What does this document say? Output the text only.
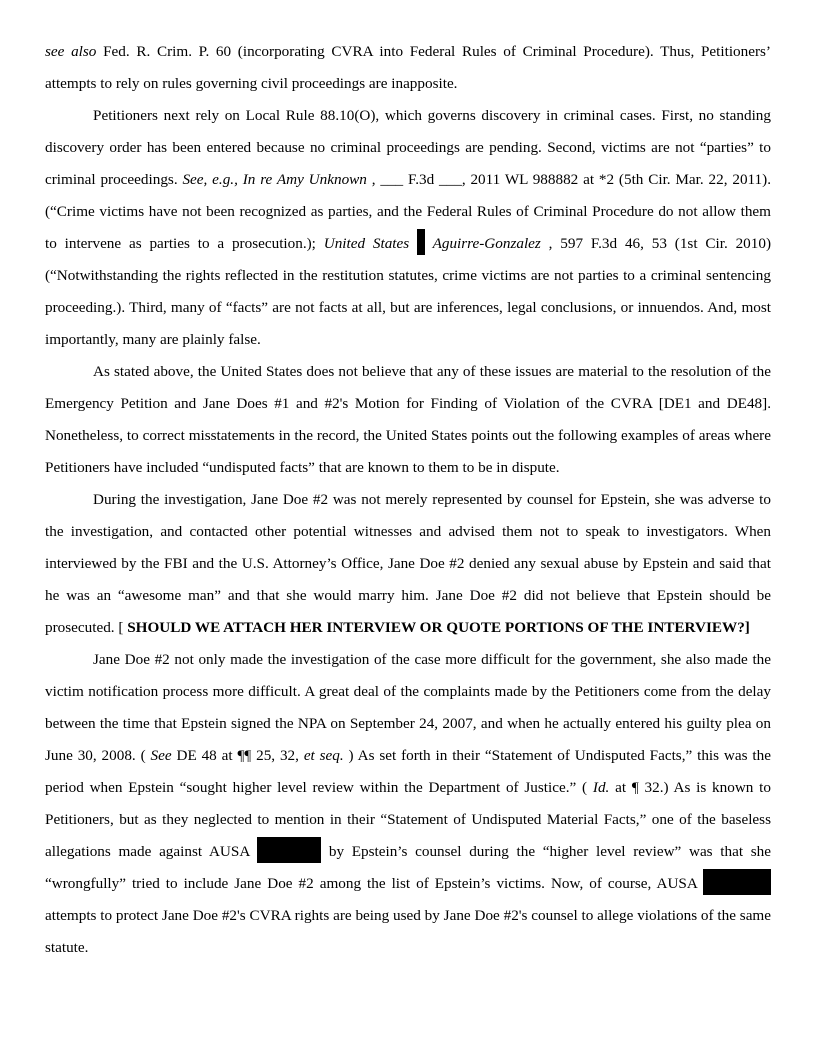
see also Fed. R. Crim. P. 60 (incorporating CVRA into Federal Rules of Criminal Procedure). Thus, Petitioners’ attempts to rely on rules governing civil proceedings are inapposite.

Petitioners next rely on Local Rule 88.10(O), which governs discovery in criminal cases. First, no standing discovery order has been entered because no criminal proceedings are pending. Second, victims are not “parties” to criminal proceedings. See, e.g., In re Amy Unknown , ___ F.3d ___, 2011 WL 988882 at *2 (5th Cir. Mar. 22, 2011). (“Crime victims have not been recognized as parties, and the Federal Rules of Criminal Procedure do not allow them to intervene as parties to a prosecution.); United States  Aguirre-Gonzalez , 597 F.3d 46, 53 (1st Cir. 2010) (“Notwithstanding the rights reflected in the restitution statutes, crime victims are not parties to a criminal sentencing proceeding.). Third, many of “facts” are not facts at all, but are inferences, legal conclusions, or innuendos. And, most importantly, many are plainly false.

As stated above, the United States does not believe that any of these issues are material to the resolution of the Emergency Petition and Jane Does #1 and #2's Motion for Finding of Violation of the CVRA [DE1 and DE48]. Nonetheless, to correct misstatements in the record, the United States points out the following examples of areas where Petitioners have included “undisputed facts” that are known to them to be in dispute.

During the investigation, Jane Doe #2 was not merely represented by counsel for Epstein, she was adverse to the investigation, and contacted other potential witnesses and advised them not to speak to investigators. When interviewed by the FBI and the U.S. Attorney’s Office, Jane Doe #2 denied any sexual abuse by Epstein and said that he was an “awesome man” and that she would marry him. Jane Doe #2 did not believe that Epstein should be prosecuted. [ SHOULD WE ATTACH HER INTERVIEW OR QUOTE PORTIONS OF THE INTERVIEW?]

Jane Doe #2 not only made the investigation of the case more difficult for the government, she also made the victim notification process more difficult. A great deal of the complaints made by the Petitioners come from the delay between the time that Epstein signed the NPA on September 24, 2007, and when he actually entered his guilty plea on June 30, 2008. ( See DE 48 at ¶¶ 25, 32, et seq. ) As set forth in their “Statement of Undisputed Facts,” this was the period when Epstein “sought higher level review within the Department of Justice.” ( Id. at ¶ 32.) As is known to Petitioners, but as they neglected to mention in their “Statement of Undisputed Material Facts,” one of the baseless allegations made against AUSA	by Epstein’s counsel during the “higher level review” was that she “wrongfully” tried to include Jane Doe #2 among the list of Epstein’s victims. Now, of course, AUSA  attempts to protect Jane Doe #2's CVRA rights are being used by Jane Doe #2's counsel to allege violations of the same statute.
